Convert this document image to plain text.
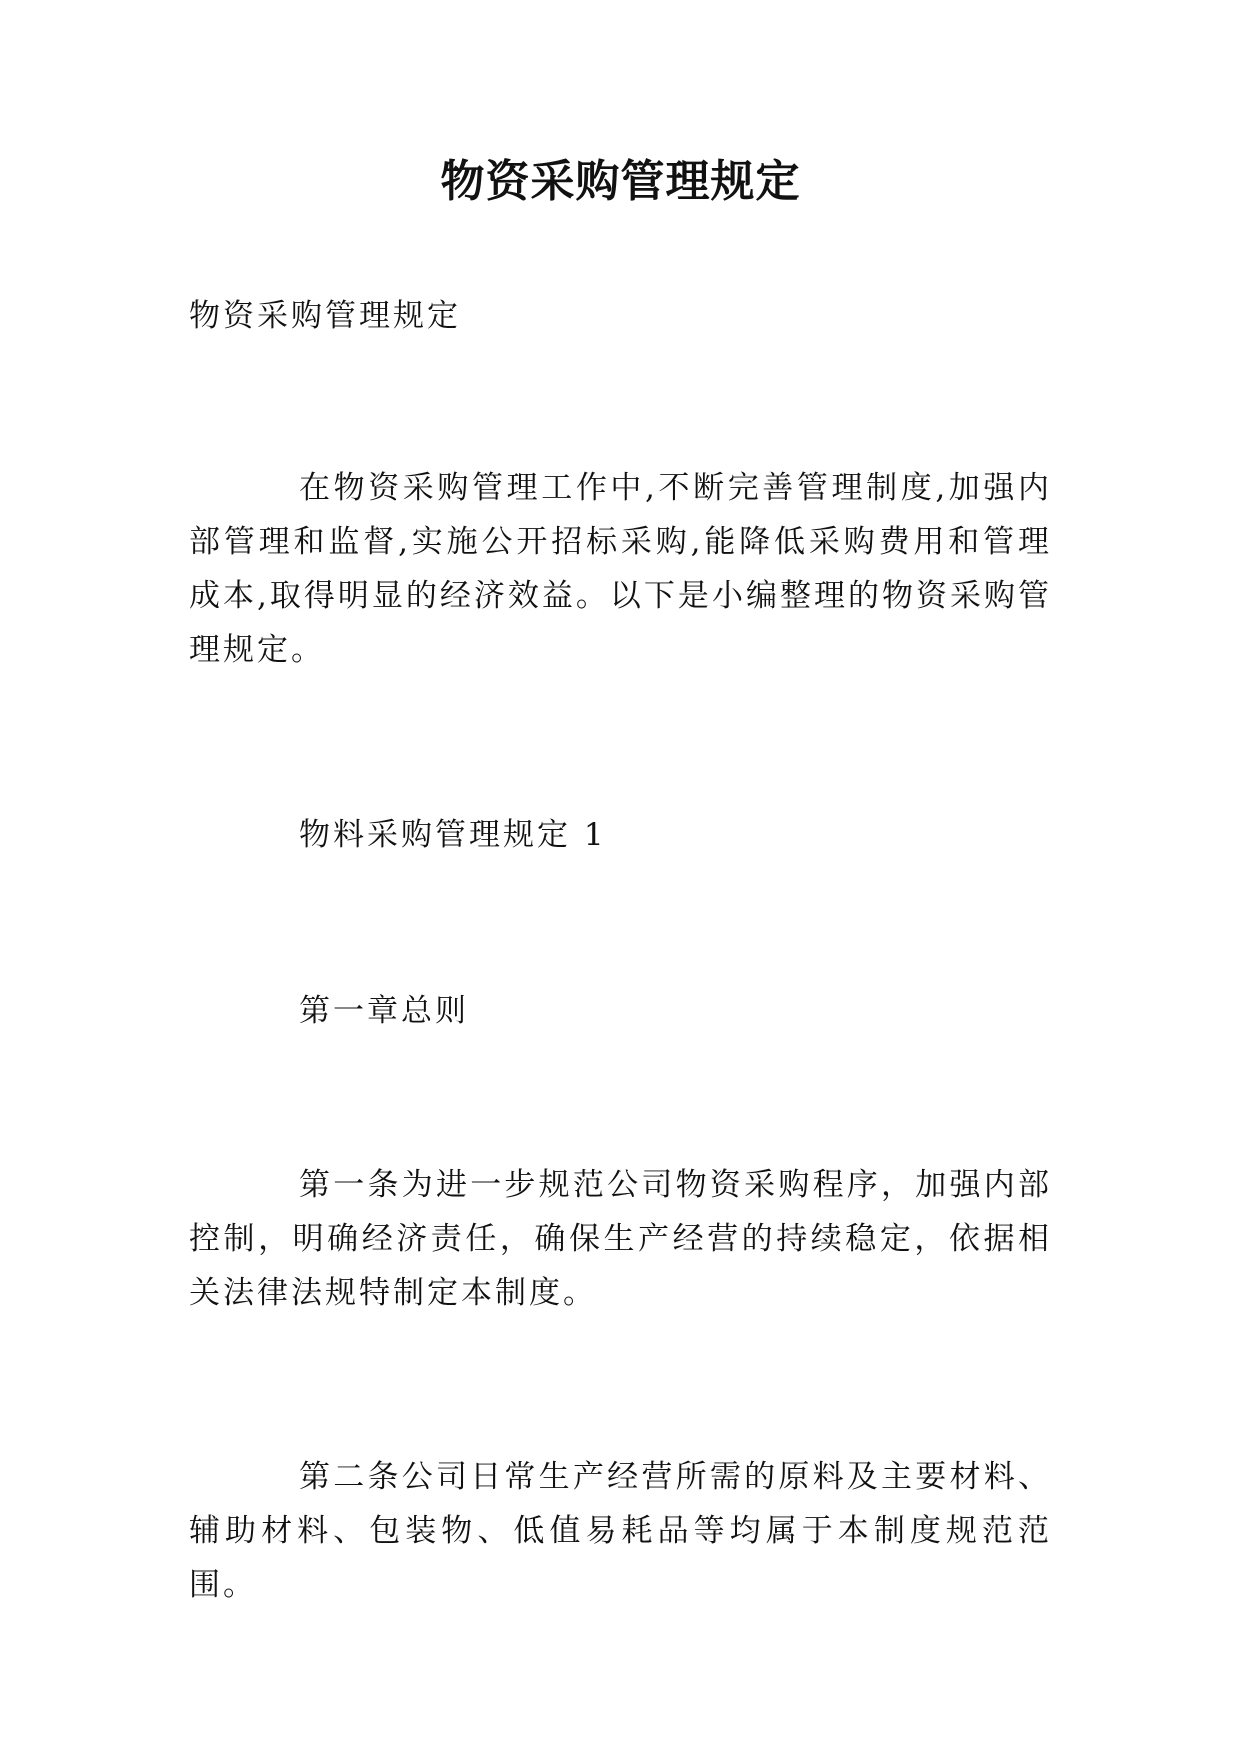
物资采购管理规定

物资采购管理规定

在物资采购管理工作中,不断完善管理制度,加强内部管理和监督,实施公开招标采购,能降低采购费用和管理成本,取得明显的经济效益。以下是小编整理的物资采购管理规定。

物料采购管理规定 1

第一章总则

第一条为进一步规范公司物资采购程序，加强内部控制，明确经济责任，确保生产经营的持续稳定，依据相关法律法规特制定本制度。

第二条公司日常生产经营所需的原料及主要材料、辅助材料、包装物、低值易耗品等均属于本制度规范范围。
